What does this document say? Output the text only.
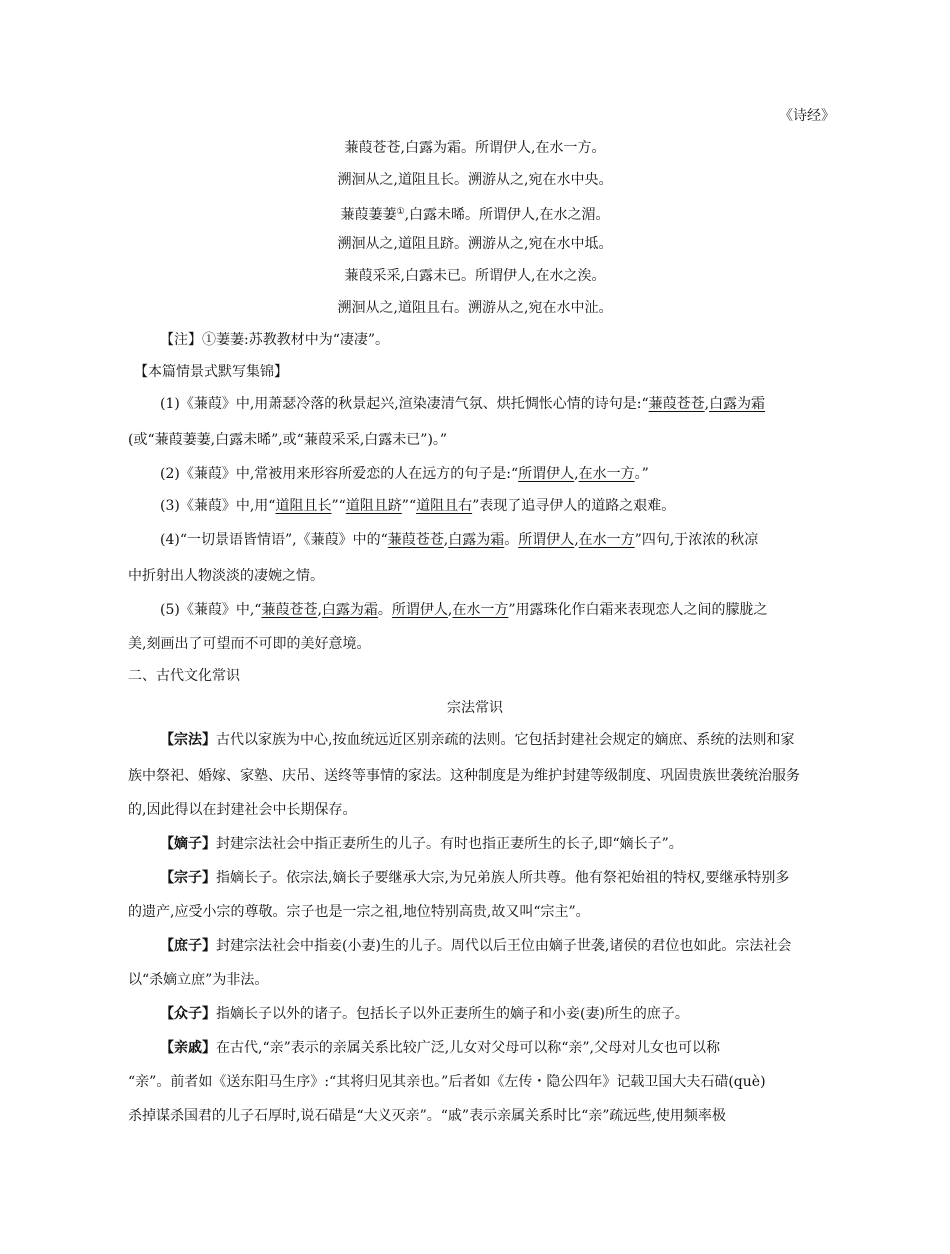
《诗经》
蒹葭苍苍,白露为霜。所谓伊人,在水一方。
溯洄从之,道阻且长。溯游从之,宛在水中央。
蒹葭萋萋①,白露未晞。所谓伊人,在水之湄。
溯洄从之,道阻且跻。溯游从之,宛在水中坻。
蒹葭采采,白露未已。所谓伊人,在水之涘。
溯洄从之,道阻且右。溯游从之,宛在水中沚。
【注】①萋萋:苏教教材中为“凄凄”。
【本篇情景式默写集锦】
(1)《蒹葭》中,用萧瑟冷落的秋景起兴,渲染凄清气氛、烘托惆怅心情的诗句是:“蒹葭苍苍,白露为霜
(或“蒹葭萋萋,白露未晞”,或“蒹葭采采,白露未已”)。”
(2)《蒹葭》中,常被用来形容所爱恋的人在远方的句子是:“所谓伊人,在水一方。”
(3)《蒹葭》中,用“道阻且长”“道阻且跻”“道阻且右”表现了追寻伊人的道路之艰难。
(4)“一切景语皆情语”,《蒹葭》中的“蒹葭苍苍,白露为霜。所谓伊人,在水一方”四句,于浓浓的秋凉
中折射出人物淡淡的凄婉之情。
(5)《蒹葭》中,“蒹葭苍苍,白露为霜。所谓伊人,在水一方”用露珠化作白霜来表现恋人之间的朦胧之
美,刻画出了可望而不可即的美好意境。
二、古代文化常识
宗法常识
【宗法】古代以家族为中心,按血统远近区别亲疏的法则。它包括封建社会规定的嫡庶、系统的法则和家
族中祭祀、婚嫁、家塾、庆吊、送终等事情的家法。这种制度是为维护封建等级制度、巩固贵族世袭统治服务
的,因此得以在封建社会中长期保存。
【嫡子】封建宗法社会中指正妻所生的儿子。有时也指正妻所生的长子,即“嫡长子”。
【宗子】指嫡长子。依宗法,嫡长子要继承大宗,为兄弟族人所共尊。他有祭祀始祖的特权,要继承特别多
的遗产,应受小宗的尊敬。宗子也是一宗之祖,地位特别高贵,故又叫“宗主”。
【庶子】封建宗法社会中指妾(小妻)生的儿子。周代以后王位由嫡子世袭,诸侯的君位也如此。宗法社会
以“杀嫡立庶”为非法。
【众子】指嫡长子以外的诸子。包括长子以外正妻所生的嫡子和小妾(妻)所生的庶子。
【亲戚】在古代,“亲”表示的亲属关系比较广泛,儿女对父母可以称“亲”,父母对儿女也可以称
“亲”。前者如《送东阳马生序》:“其将归见其亲也。”后者如《左传・隐公四年》记载卫国大夫石碏(què)
杀掉谋杀国君的儿子石厚时,说石碏是“大义灭亲”。“戚”表示亲属关系时比“亲”疏远些,使用频率极
